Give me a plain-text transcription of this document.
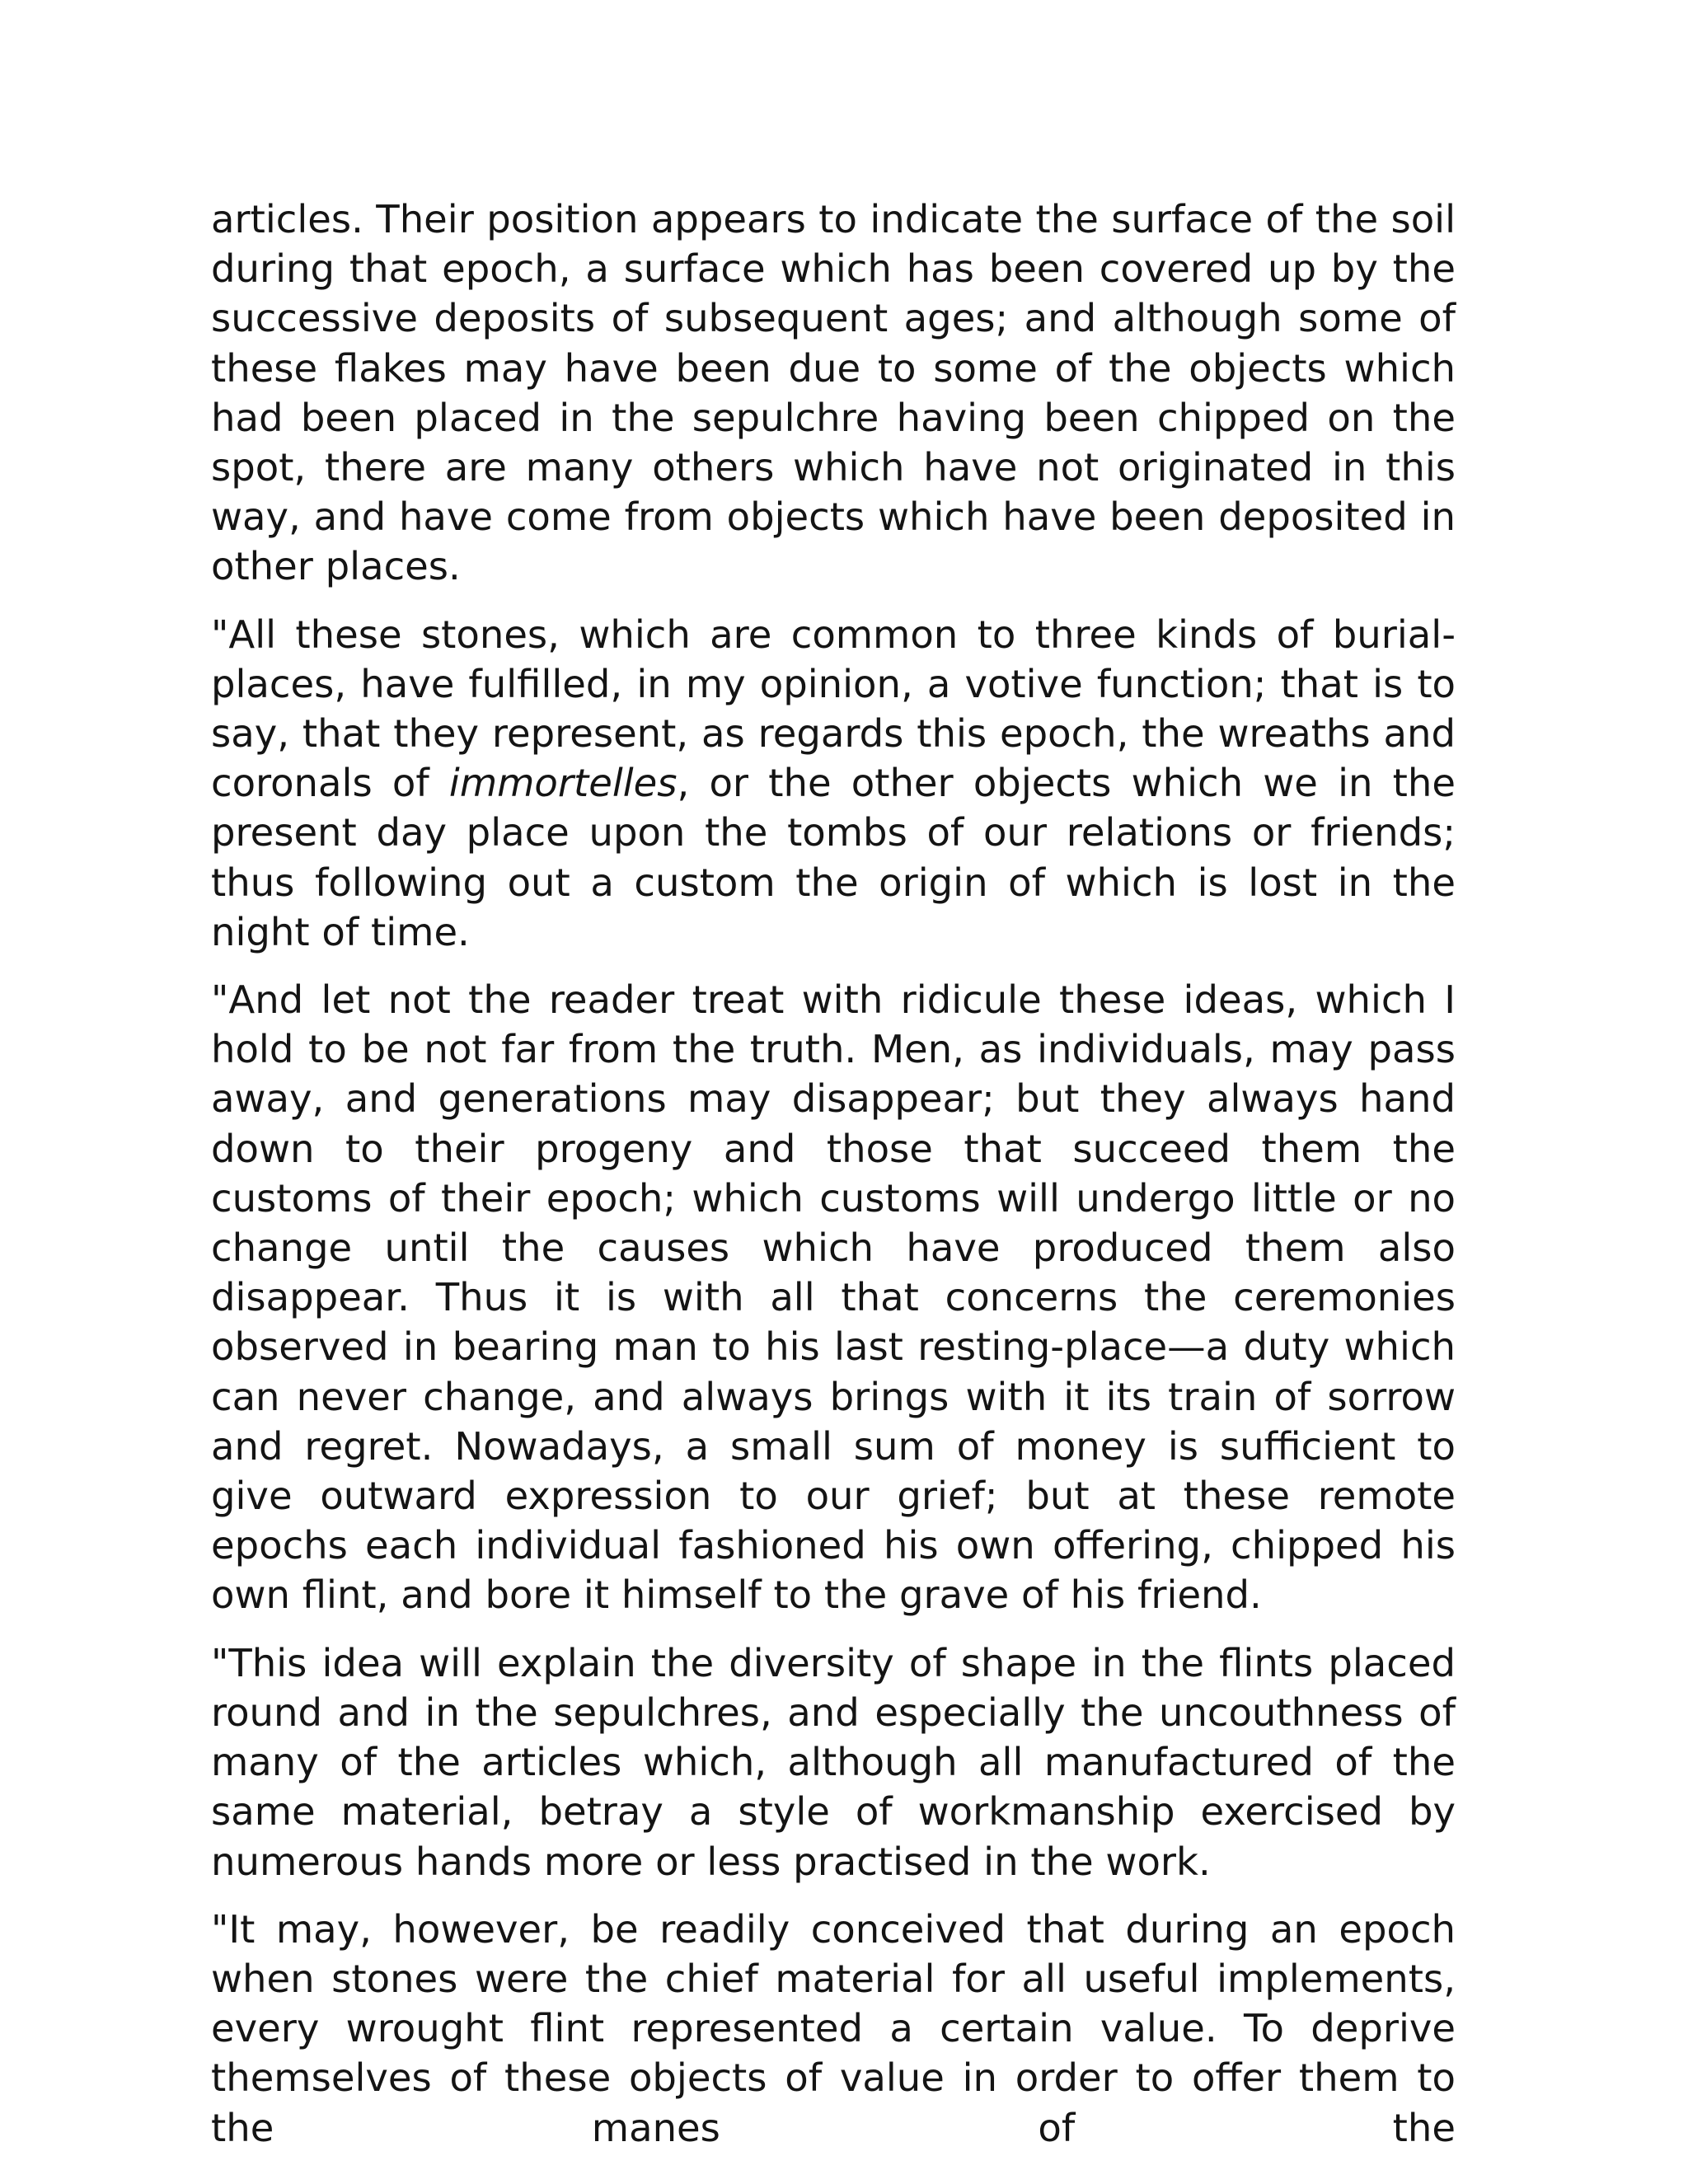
articles. Their position appears to indicate the surface of the soil during that epoch, a surface which has been covered up by the successive deposits of subsequent ages; and although some of these flakes may have been due to some of the objects which had been placed in the sepulchre having been chipped on the spot, there are many others which have not originated in this way, and have come from objects which have been deposited in other places.

"All these stones, which are common to three kinds of burial-places, have fulfilled, in my opinion, a votive function; that is to say, that they represent, as regards this epoch, the wreaths and coronals of immortelles, or the other objects which we in the present day place upon the tombs of our relations or friends; thus following out a custom the origin of which is lost in the night of time.

"And let not the reader treat with ridicule these ideas, which I hold to be not far from the truth. Men, as individuals, may pass away, and generations may disappear; but they always hand down to their progeny and those that succeed them the customs of their epoch; which customs will undergo little or no change until the causes which have produced them also disappear. Thus it is with all that concerns the ceremonies observed in bearing man to his last resting-place—a duty which can never change, and always brings with it its train of sorrow and regret. Nowadays, a small sum of money is sufficient to give outward expression to our grief; but at these remote epochs each individual fashioned his own offering, chipped his own flint, and bore it himself to the grave of his friend.

"This idea will explain the diversity of shape in the flints placed round and in the sepulchres, and especially the uncouthness of many of the articles which, although all manufactured of the same material, betray a style of workmanship exercised by numerous hands more or less practised in the work.

"It may, however, be readily conceived that during an epoch when stones were the chief material for all useful implements, every wrought flint represented a certain value. To deprive themselves of these objects of value in order to offer them to the manes of the
